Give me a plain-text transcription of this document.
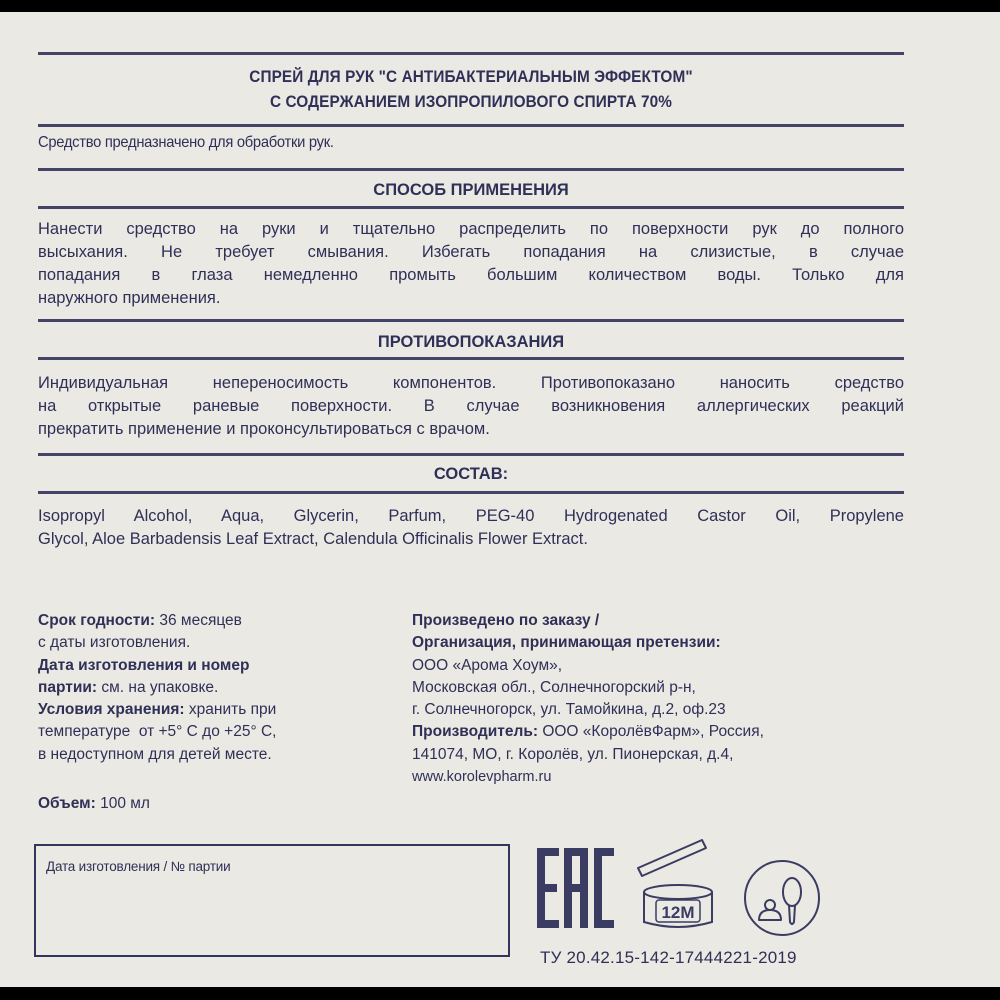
СПРЕЙ ДЛЯ РУК "С АНТИБАКТЕРИАЛЬНЫМ ЭФФЕКТОМ"
С СОДЕРЖАНИЕМ ИЗОПРОПИЛОВОГО СПИРТА 70%
Средство предназначено для обработки рук.
СПОСОБ ПРИМЕНЕНИЯ
Нанести средство на руки и тщательно распределить по поверхности рук до полного
высыхания. Не требует смывания. Избегать попадания на слизистые, в случае
попадания в глаза немедленно промыть большим количеством воды. Только для
наружного применения.
ПРОТИВОПОКАЗАНИЯ
Индивидуальная непереносимость компонентов. Противопоказано наносить средство
на открытые раневые поверхности. В случае возникновения аллергических реакций
прекратить применение и проконсультироваться с врачом.
СОСТАВ:
Isopropyl Alcohol, Aqua, Glycerin, Parfum, PEG-40 Hydrogenated Castor Oil, Propylene
Glycol, Aloe Barbadensis Leaf Extract, Calendula Officinalis Flower Extract.
Срок годности: 36 месяцев
с даты изготовления.
Дата изготовления и номер
партии: см. на упаковке.
Условия хранения: хранить при
температуре  от +5° С до +25° С,
в недоступном для детей месте.
Объем: 100 мл
Произведено по заказу /
Организация, принимающая претензии:
ООО «Арома Хоум»,
Московская обл., Солнечногорский р-н,
г. Солнечногорск, ул. Тамойкина, д.2, оф.23
Производитель: ООО «КоролёвФарм», Россия,
141074, МО, г. Королёв, ул. Пионерская, д.4,
www.korolevpharm.ru
Дата изготовления / № партии
12M
ТУ 20.42.15-142-17444221-2019
